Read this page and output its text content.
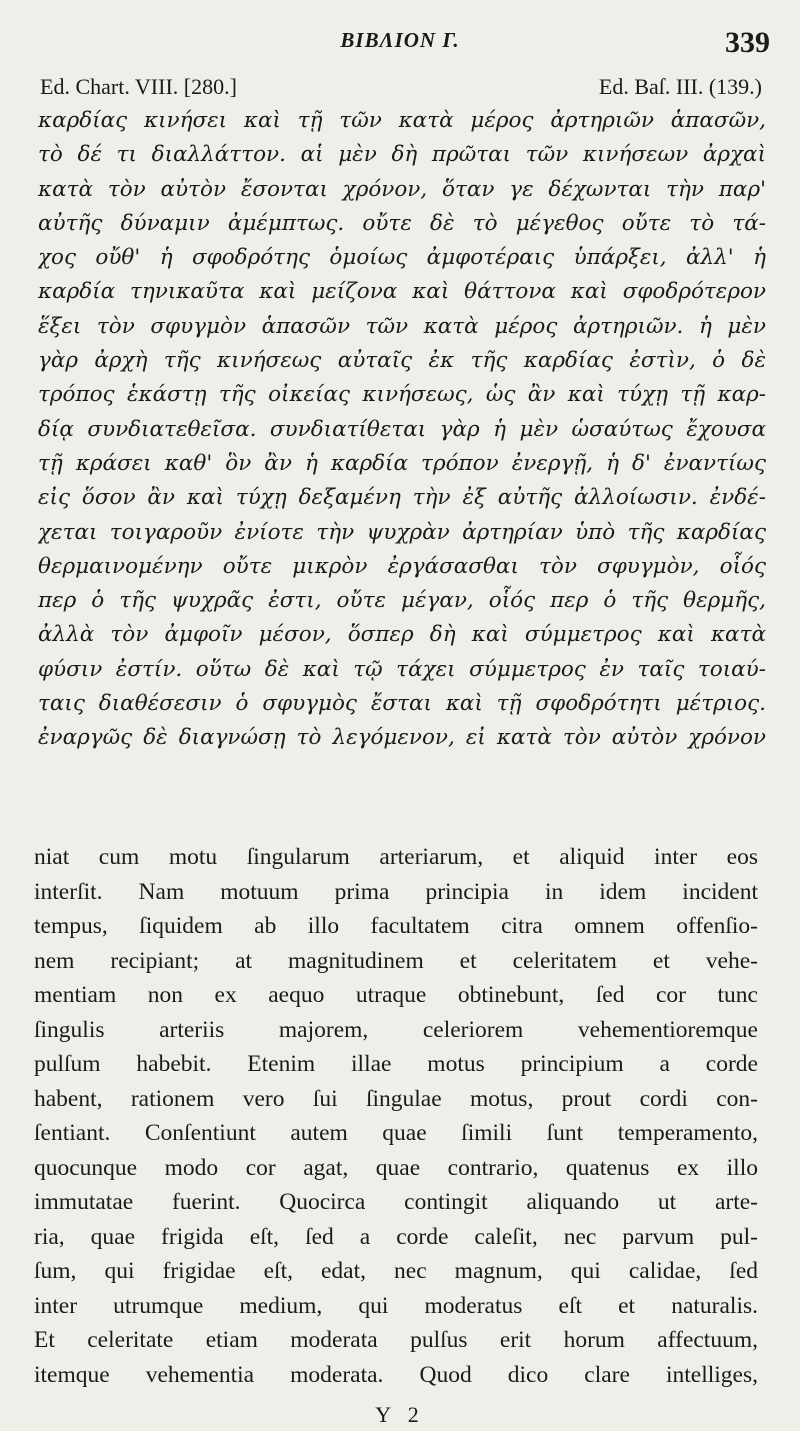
BIBΛΙΟΝ Γ.	339
Ed. Chart. VIII. [280.]	Ed. Baſ. III. (139.)
καρδίας κινήσει καὶ τῇ τῶν κατὰ μέρος ἀρτηριῶν ἁπασῶν,
τὸ δέ τι διαλλάττον. αἱ μὲν δὴ πρῶται τῶν κινήσεων ἀρχαὶ
κατὰ τὸν αὐτὸν ἔσονται χρόνον, ὅταν γε δέχωνται τὴν παρ'
αὐτῆς δύναμιν ἀμέμπτως. οὔτε δὲ τὸ μέγεθος οὔτε τὸ τά-
χος οὔθ' ἡ σφοδρότης ὁμοίως ἀμφοτέραις ὑπάρξει, ἀλλ' ἡ
καρδία τηνικαῦτα καὶ μείζονα καὶ θάττονα καὶ σφοδρότερον
ἕξει τὸν σφυγμὸν ἁπασῶν τῶν κατὰ μέρος ἀρτηριῶν. ἡ μὲν
γὰρ ἀρχὴ τῆς κινήσεως αὐταῖς ἐκ τῆς καρδίας ἐστὶν, ὁ δὲ
τρόπος ἑκάστῃ τῆς οἰκείας κινήσεως, ὡς ἂν καὶ τύχῃ τῇ καρ-
δίᾳ συνδιατεθεῖσα. συνδιατίθεται γὰρ ἡ μὲν ὡσαύτως ἔχουσα
τῇ κράσει καθ' ὃν ἂν ἡ καρδία τρόπον ἐνεργῇ, ἡ δ' ἐναντίως
εἰς ὅσον ἂν καὶ τύχῃ δεξαμένη τὴν ἐξ αὐτῆς ἀλλοίωσιν. ἐνδέ-
χεται τοιγαροῦν ἐνίοτε τὴν ψυχρὰν ἀρτηρίαν ὑπὸ τῆς καρδίας
θερμαινομένην οὔτε μικρὸν ἐργάσασθαι τὸν σφυγμὸν, οἷός
περ ὁ τῆς ψυχρᾶς ἐστι, οὔτε μέγαν, οἷός περ ὁ τῆς θερμῆς,
ἀλλὰ τὸν ἀμφοῖν μέσον, ὅσπερ δὴ καὶ σύμμετρος καὶ κατὰ
φύσιν ἐστίν. οὕτω δὲ καὶ τῷ τάχει σύμμετρος ἐν ταῖς τοιαύ-
ταις διαθέσεσιν ὁ σφυγμὸς ἔσται καὶ τῇ σφοδρότητι μέτριος.
ἐναργῶς δὲ διαγνώσῃ τὸ λεγόμενον, εἰ κατὰ τὸν αὐτὸν χρόνον
niat cum motu ſingularum arteriarum, et aliquid inter eos
interſit. Nam motuum prima principia in idem incident
tempus, ſiquidem ab illo facultatem citra omnem offenſio-
nem recipiant; at magnitudinem et celeritatem et vehe-
mentiam non ex aequo utraque obtinebunt, ſed cor tunc
ſingulis arteriis majorem, celeriorem vehementioremque
pulſum habebit. Etenim illae motus principium a corde
habent, rationem vero ſui ſingulae motus, prout cordi con-
ſentiant. Conſentiunt autem quae ſimili ſunt temperamento,
quocunque modo cor agat, quae contrario, quatenus ex illo
immutatae fuerint. Quocirca contingit aliquando ut arte-
ria, quae frigida eſt, ſed a corde caleſit, nec parvum pul-
ſum, qui frigidae eſt, edat, nec magnum, qui calidae, ſed
inter utrumque medium, qui moderatus eſt et naturalis.
Et celeritate etiam moderata pulſus erit horum affectuum,
itemque vehementia moderata. Quod dico clare intelliges,
Y 2
